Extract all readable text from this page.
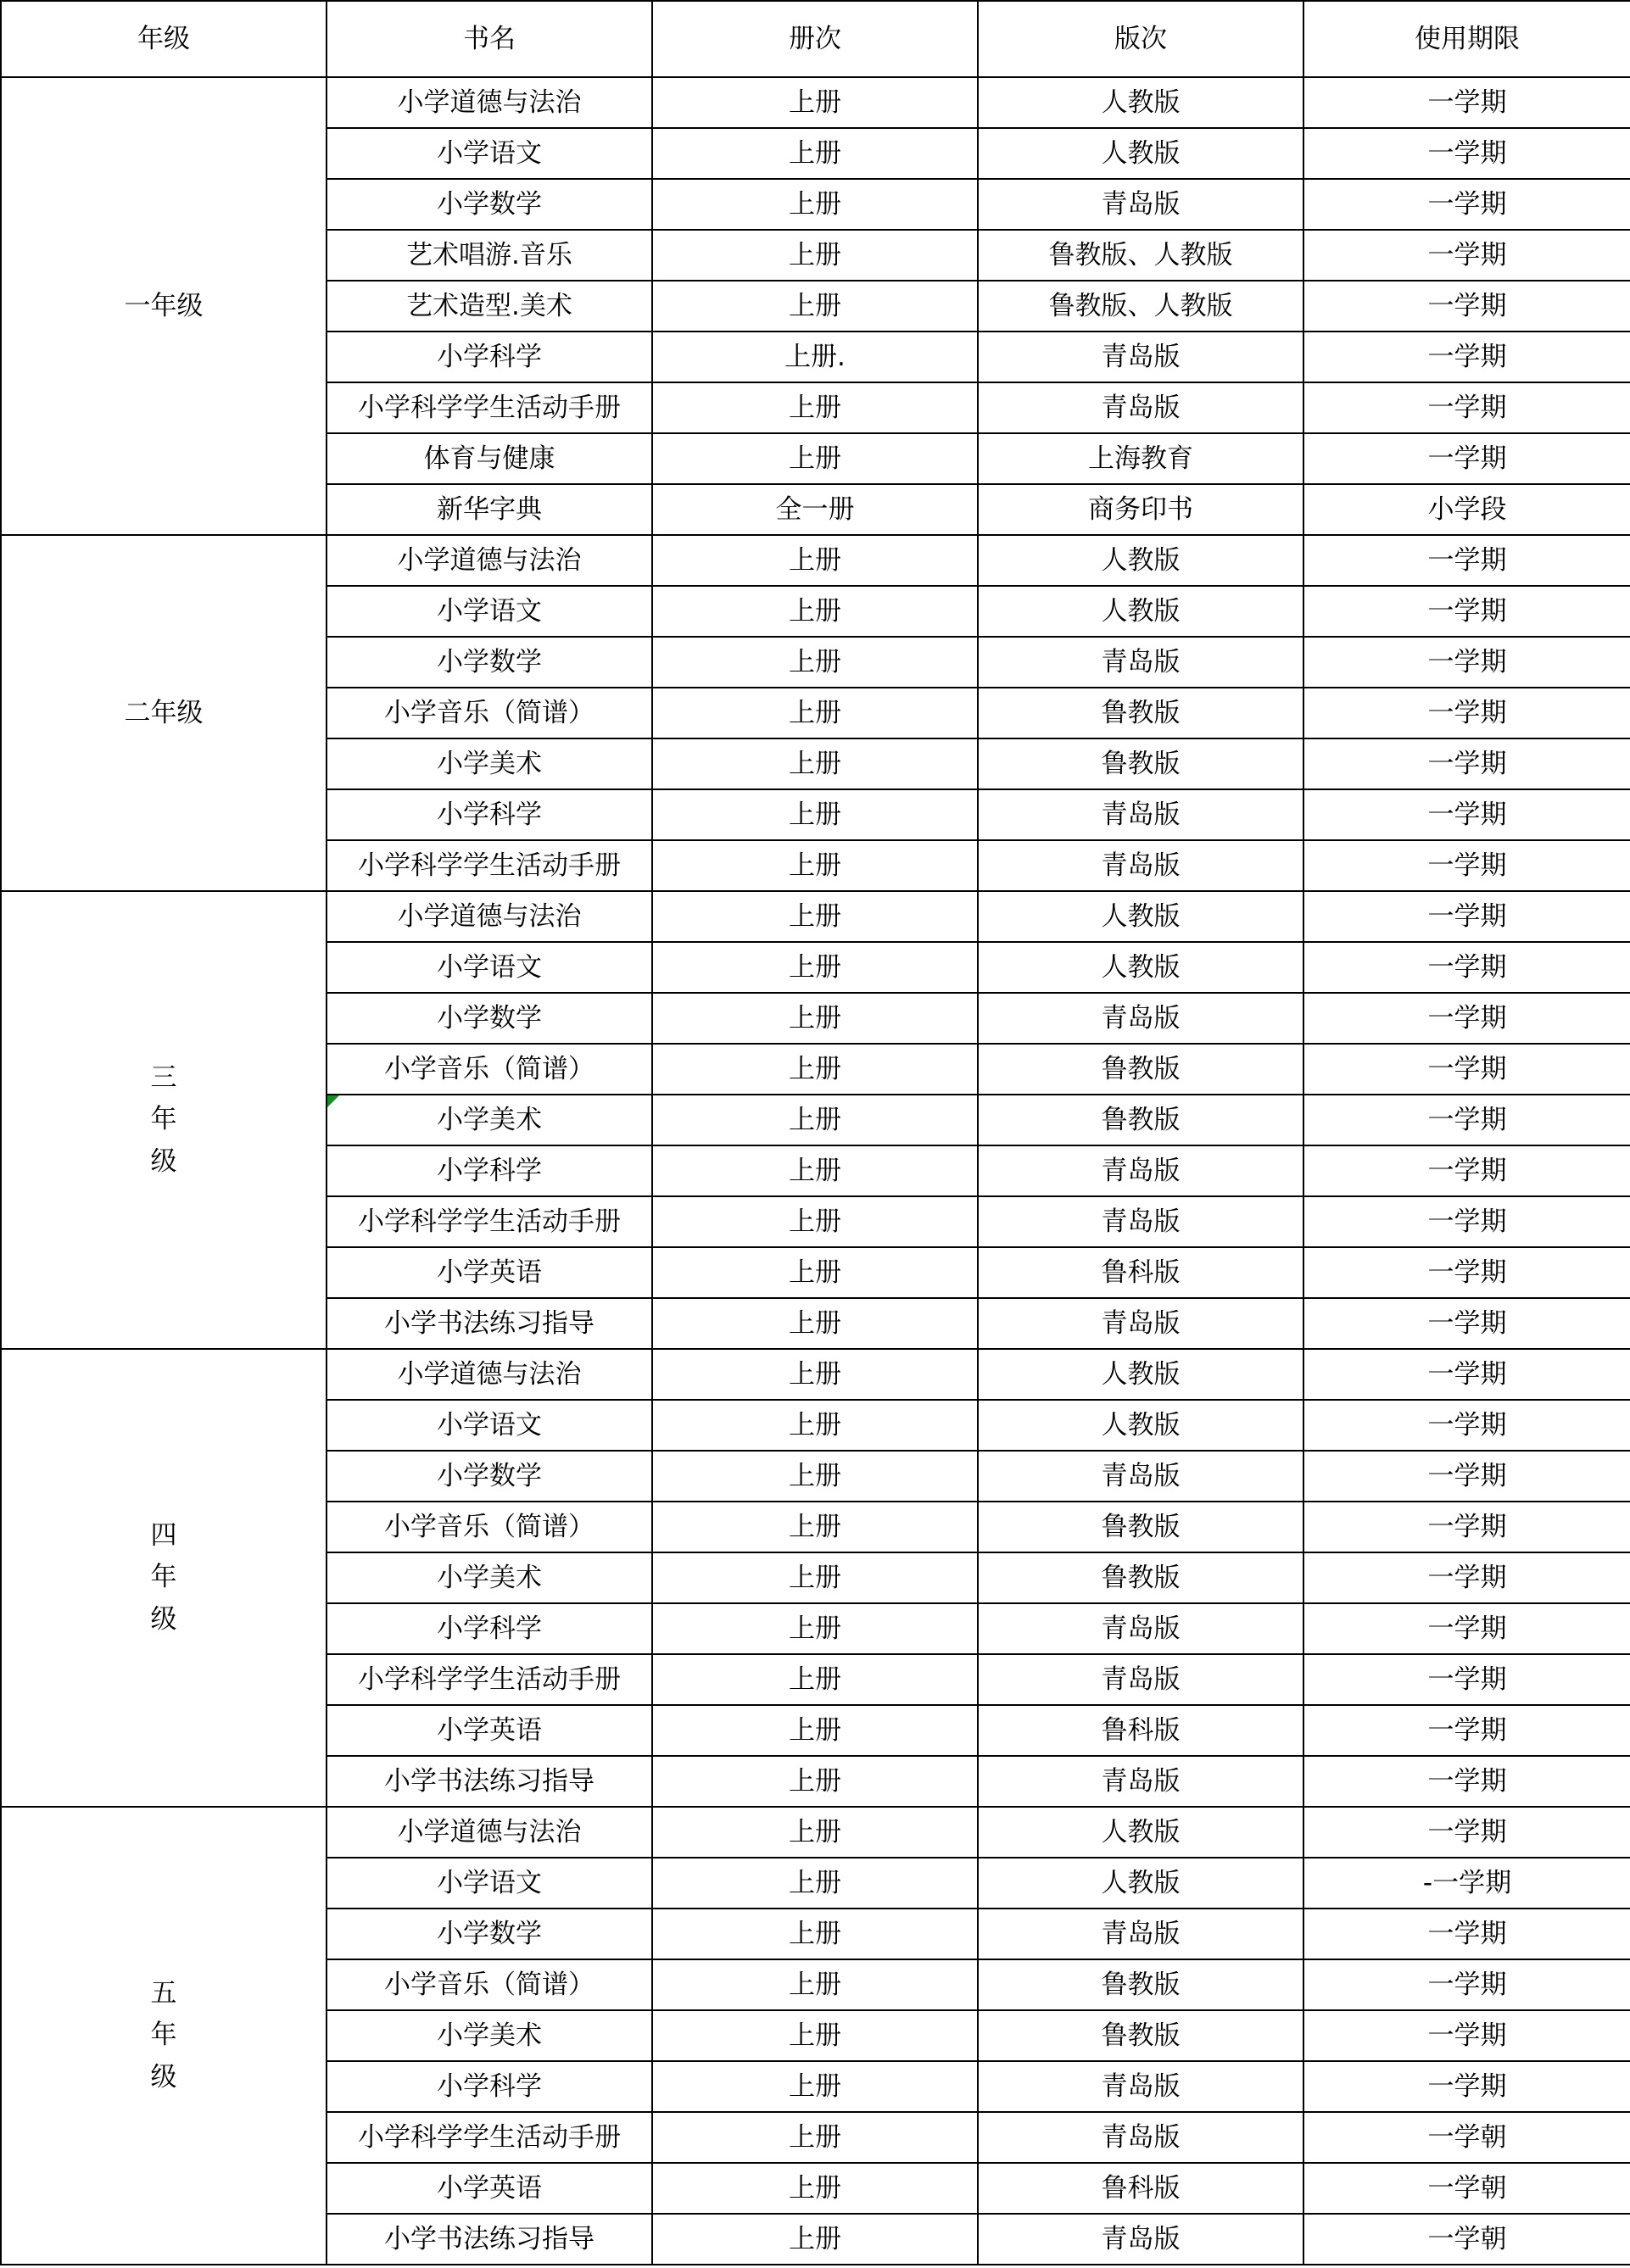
年级	书名	册次	版次	使用期限
一年级	小学道德与法治	上册	人教版	一学期
	小学语文	上册	人教版	一学期
	小学数学	上册	青岛版	一学期
	艺术唱游.音乐	上册	鲁教版、人教版	一学期
	艺术造型.美术	上册	鲁教版、人教版	一学期
	小学科学	上册.	青岛版	一学期
	小学科学学生活动手册	上册	青岛版	一学期
	体育与健康	上册	上海教育	一学期
	新华字典	全一册	商务印书	小学段
二年级	小学道德与法治	上册	人教版	一学期
	小学语文	上册	人教版	一学期
	小学数学	上册	青岛版	一学期
	小学音乐（简谱）	上册	鲁教版	一学期
	小学美术	上册	鲁教版	一学期
	小学科学	上册	青岛版	一学期
	小学科学学生活动手册	上册	青岛版	一学期
三年级	小学道德与法治	上册	人教版	一学期
	小学语文	上册	人教版	一学期
	小学数学	上册	青岛版	一学期
	小学音乐（简谱）	上册	鲁教版	一学期
	小学美术	上册	鲁教版	一学期
	小学科学	上册	青岛版	一学期
	小学科学学生活动手册	上册	青岛版	一学期
	小学英语	上册	鲁科版	一学期
	小学书法练习指导	上册	青岛版	一学期
四年级	小学道德与法治	上册	人教版	一学期
	小学语文	上册	人教版	一学期
	小学数学	上册	青岛版	一学期
	小学音乐（简谱）	上册	鲁教版	一学期
	小学美术	上册	鲁教版	一学期
	小学科学	上册	青岛版	一学期
	小学科学学生活动手册	上册	青岛版	一学期
	小学英语	上册	鲁科版	一学期
	小学书法练习指导	上册	青岛版	一学期
五年级	小学道德与法治	上册	人教版	一学期
	小学语文	上册	人教版	-一学期
	小学数学	上册	青岛版	一学期
	小学音乐（简谱）	上册	鲁教版	一学期
	小学美术	上册	鲁教版	一学期
	小学科学	上册	青岛版	一学期
	小学科学学生活动手册	上册	青岛版	一学朝
	小学英语	上册	鲁科版	一学朝
	小学书法练习指导	上册	青岛版	一学朝
